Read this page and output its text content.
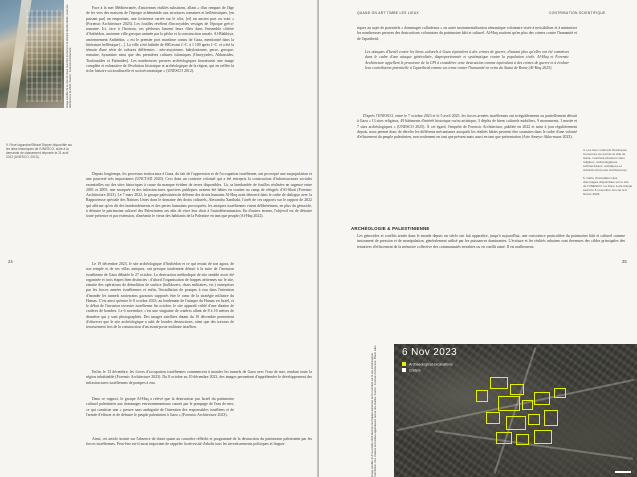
Image satellite de la côte de Gaza montrant le littoral et la densité du bâti urbain, avant les destructions de 2023. Source : Forensic Architecture.
9. Frise lagunaire/Sifraat Shoyer disponible sur les sites historiques de l'UNESCO, suite à la demande de classement déposée le 21 avril 2012 (UNESCO, 2013).

Face à la mer Méditerranée, d'anciennes réalités subsistent, allant « d'un rempart de l'âge de fer vers des maisons de l'époque achéménide aux structures romaines et hellénistiques, [en passant par] un emporium, une forteresse carrée sur le côte, [et] un ancien port ou vont » (Forensic Architecture 2023). Les fouilles révèlent d'incroyables vestiges de l'époque gréco-romaine. Ici, face à l'horizon, ces pêcheurs lancent leurs filets dans l'ensemble côtière d'Anthédon, ancienne ville grecque animée par la pêche et la construction navale. Al-Blakhiya, anciennement Anthédon, « est le premier port maritime connu de Gaza, mentionné dans la littérature hellénique [...]. La ville a été habitée de 800 avant J.-C. à 1 100 après J.-C. et a été la témoin d'une série de cultures différentes : néo-assyrienne, babylonienne, perse, grecque, romaine, byzantine ainsi que des premières cultures islamiques (Omeyyades, Abbassides, Toulounides et Fatimides). Les nombreuses preuves archéologiques fournissent une image complète et exhaustive de l'évolution historique et archéologique de la région, qui en reflète la riche histoire socioculturelle et socioéconomique » (UNESCO 2012).

Depuis longtemps, les processus territoriaux à Gaza, du fait de l'oppression et de l'occupation israélienne, ont provoqué une surpopulation et une pauvreté très importantes (UNCTAD 2020). Ceci dans un contexte colonial qui a été entrepris la construction d'infrastructures sociales essentielles sur des sites historiques à cause du manque évident de terres disponibles. Là, sa bombardée de fouilles réalisées en urgence entre 2001 et 2005, une mosquée et des infrastructures sportives publiques avaient été bâties en soutien au camp de réfugiés d'Al-Shati (Forensic Architecture 2023). Le 7 mars 2022, le groupe palestinien de défense des droits humains Al-Haq avait dénoncé dans le cadre de dialogue avec la Rapporteuse spéciale des Nations Unies dans le domaine des droits culturels, Alexandra Xanthaki, l'arrêt de ces rapports sur le rapport de 2022 qui affirme qu'en dit des bombardements et des pertes humaines provoquées, les attaques israéliennes visent délibérément, en plus du génocide, à détruire le patrimoine culturel des Palestiniens ses afin de viser leur droit à l'autodétermination. En d'autres termes, l'objectif est de détruire toute présence et par extension, d'anéantir le vieux des habitants de la Palestine en tant que peuple (Al-Haq 2022).

Le 19 décembre 2023, le site archéologique d'Anthédon et ce qui restait de son agora, de son temple et de ses villas antiques, ont presque totalement détruit à la suite de l'invasion israélienne de Gaza débutée le 27 octobre. La destruction méthodique de site semble avoir été organisée et trois étapes bien distinctes : d'abord l'organisation de frappes aériennes sur le site, ensuite des opérations de démolition de surface (bulldozers, chars militaires, etc.) entreprises par les forces armées israéliennes et enfin, l'installation de pompes à eau dans l'intention d'inonder les tunnels souterrains gazaouis supposés être le cœur de la stratégie militaire du Hamas. C'est ainsi qu'entre le 8 octobre 2023, au lendemain de l'attaque du Hamas en Israël, et le début de l'invasion terrestre israélienne fin octobre, le site apparaît criblé d'une dizaine de cratères de bombes. Le 6 novembre, c'est une vingtaine de cratères allant de 8 à 16 mètres de diamètre qui y sont photographiés. Des images satellites datant du 10 décembre permettent d'observer que le site archéologique a subi de lourdes destructions, ainsi que des travaux de terrassement lors de la construction d'un avant-poste militaire israélien.

Enfin, le 13 décembre, les forces d'occupation israéliennes commencent à inonder les tunnels de Gaza avec l'eau de mer, rendant toute la région inhabitable (Forensic Architecture 2023). Du 8 octobre au 10 décembre 2023, des images permettent d'appréhender le développement des infrastructures israéliennes de pompes à eau.

Dans ce rapport, le groupe Al-Haq a relevé que la destruction par Israël du patrimoine culturel palestinien aux dommages environnementaux causés par le pompage de l'eau de mer, ce qui constitue une « preuve sans ambiguïté de l'intention des responsables israéliens et de l'armée d'effacer et de détruire le peuple palestinien à Gaza » (Forensic Architecture 2023).

Ainsi, cet article insiste sur l'absence de doute quant au caractère réfléchi et programmé de la destruction du patrimoine palestinien par les forces israéliennes. Peut-être est-il aussi important de rappeler la nécessité d'abolir tous les investissements politiques et linguis-

24
QUAND ON ART TIMBE LES LIEUX	CONTRIBUTION SCIENTIFIQUE

tiques au sujet de potentiels « dommages collatéraux » ou autre instrumentalisation sémantique volontaire visée à invisibiliser et à minimiser les nombreuses preuves des destructions volontaires du patrimoine bâti et culturel. Al-Haq soutient qu'en plus des crimes contre l'humanité et de l'apartheid,

Les attaques d'Israël contre les biens culturels à Gaza équivalent à des crimes de guerre, d'autant plus qu'elles ont été commises dans le cadre d'une attaque généralisée, disproportionnée et systématique contre la population civile. Al-Haq et Forensic Architecture appellent le procureur de la CPI à considérer cette destruction comme équivalant à des crimes de guerre et à évaluer leur contribution potentielle à l'apartheid comme un crime contre l'humanité en vertu du Statut de Rome (Al-Haq 2023).

D'après l'UNESCO, entre le 7 octobre 2023 et le 5 avril 2025, les forces armées israéliennes ont irrégulièrement ou partiellement détruit à Gaza « 13 sites religieux, 49 bâtiments d'intérêt historique ou/ou artistique, 3 dépôts de biens culturels mobiliers, 9 monuments, 1 musée et 7 sites archéologiques » (UNESCO 2025). À cet égard, l'enquête de Forensic Architecture, publiée en 2022 et mise à jour régulièrement depuis, nous permet donc de déceler les différents mécanismes auxquels les réalités bâties peuvent être soumises dans le cadre d'une volonté d'effacement du peuple palestinien, non seulement en tant que présent mais aussi en tant que présentation (Arte Ameyo-Akko-maaz 2023).

ARCHÉOLOGIE & PALESTINIENNE

Les génocides et conflits armés dans le monde depuis un siècle ont fait apparaître, jusqu'à aujourd'hui, une conscience particulière du patrimoine bâti et culturel comme instrument de pression et de manipulation, généralement utilisé par les puissances dominantes. L'écriture et les réalités urbaines sont devenues des cibles principales des tentatives d'effacement de la mémoire collective des communautés envahies ou en conflit armé. Il est malheureux

4. Les lieux culturels historiques concernés au sud de la ville de Gaza, montrant plusieurs sites religieux, archéologiques, architecturaux, artistiques et culturels (Forensic Architecture).

5. Carte d'inondation des dommages disponibles sur le site de l'UNESCO. La Zone à été frappé avant le 6 novembre lors de la 6 février 2023.
25
Image satellite du 6 novembre 2023 illustrant les frappes aériennes du 6 novembre sur le site archéologique d'Anthédon. Des cratères de bombes apparaissent autour des fouilles. Source : Forensic Architecture, Planet Labs. 6 Nov 2023
Archaeological excavations
Craters
